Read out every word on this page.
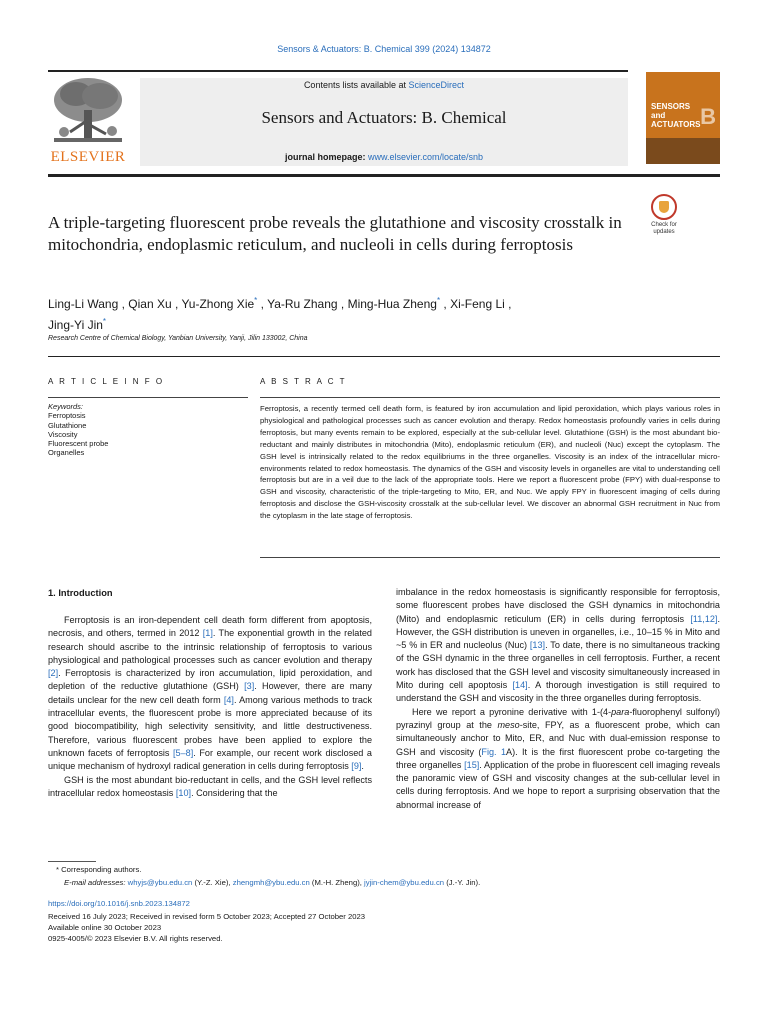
Sensors & Actuators: B. Chemical 399 (2024) 134872
ELSEVIER
Contents lists available at ScienceDirect
Sensors and Actuators: B. Chemical
journal homepage: www.elsevier.com/locate/snb
SENSORS and ACTUATORS B
A triple-targeting fluorescent probe reveals the glutathione and viscosity crosstalk in mitochondria, endoplasmic reticulum, and nucleoli in cells during ferroptosis
Check for updates
Ling-Li Wang , Qian Xu , Yu-Zhong Xie* , Ya-Ru Zhang , Ming-Hua Zheng* , Xi-Feng Li ,
Jing-Yi Jin*
Research Centre of Chemical Biology, Yanbian University, Yanji, Jilin 133002, China
A R T I C L E I N F O	A B S T R A C T
Keywords:
Ferroptosis
Glutathione
Viscosity
Fluorescent probe
Organelles
Ferroptosis, a recently termed cell death form, is featured by iron accumulation and lipid peroxidation, which plays various roles in physiological and pathological processes such as cancer evolution and therapy. Redox homeostasis profoundly varies in cells during ferroptosis, but many events remain to be explored, especially at the sub-cellular level. Glutathione (GSH) is the most abundant bio-reductant and mainly distributes in mitochondria (Mito), endoplasmic reticulum (ER), and nucleoli (Nuc) except the cytoplasm. The GSH level is intrinsically related to the redox equilibriums in the three organelles. Viscosity is an index of the intracellular micro-environments related to redox homeostasis. The dynamics of the GSH and viscosity levels in organelles are vital to understanding cell ferroptosis but are in a veil due to the lack of the appropriate tools. Here we report a fluorescent probe (FPY) with dual-response to GSH and viscosity, characteristic of the triple-targeting to Mito, ER, and Nuc. We apply FPY in fluorescent imaging of cells during ferroptosis and disclose the GSH-viscosity crosstalk at the sub-cellular level. We discover an abnormal GSH recruitment in Nuc from the cytoplasm in the late stage of ferroptosis.
1. Introduction

Ferroptosis is an iron-dependent cell death form different from apoptosis, necrosis, and others, termed in 2012 [1]. The exponential growth in the related research should ascribe to the intrinsic relationship of ferroptosis to various physiological and pathological processes such as cancer evolution and therapy [2]. Ferroptosis is characterized by iron accumulation, lipid peroxidation, and depletion of the reductive glutathione (GSH) [3]. However, there are many details unclear for the new cell death form [4]. Among various methods to track intracellular events, the fluorescent probe is more appreciated because of its good biocompatibility, high selectivity sensitivity, and little destructiveness. Therefore, various fluorescent probes have been applied to explore the unknown facets of ferroptosis [5–8]. For example, our recent work disclosed a unique mechanism of hydroxyl radical generation in cells during ferroptosis [9].

GSH is the most abundant bio-reductant in cells, and the GSH level reflects intracellular redox homeostasis [10]. Considering that the

imbalance in the redox homeostasis is significantly responsible for ferroptosis, some fluorescent probes have disclosed the GSH dynamics in mitochondria (Mito) and endoplasmic reticulum (ER) in cells during ferroptosis [11,12]. However, the GSH distribution is uneven in organelles, i.e., 10–15 % in Mito and ~5 % in ER and nucleolus (Nuc) [13]. To date, there is no simultaneous tracking of the GSH dynamic in the three organelles in cell ferroptosis. Further, a recent work has disclosed that the GSH level and viscosity simultaneously increased in Mito during cell apoptosis [14]. A thorough investigation is still required to understand the GSH and viscosity in the three organelles during ferroptosis.

Here we report a pyronine derivative with 1-(4-para-fluorophenyl sulfonyl) pyrazinyl group at the meso-site, FPY, as a fluorescent probe, which can simultaneously anchor to Mito, ER, and Nuc with dual-emission response to GSH and viscosity (Fig. 1A). It is the first fluorescent probe co-targeting the three organelles [15]. Application of the probe in fluorescent cell imaging reveals the panoramic view of GSH and viscosity changes at the sub-cellular level in cells during ferroptosis. And we hope to report a surprising observation that the abnormal increase of

* Corresponding authors.
E-mail addresses: whyjs@ybu.edu.cn (Y.-Z. Xie), zhengmh@ybu.edu.cn (M.-H. Zheng), jyjin-chem@ybu.edu.cn (J.-Y. Jin).
https://doi.org/10.1016/j.snb.2023.134872
Received 16 July 2023; Received in revised form 5 October 2023; Accepted 27 October 2023
Available online 30 October 2023
0925-4005/© 2023 Elsevier B.V. All rights reserved.
